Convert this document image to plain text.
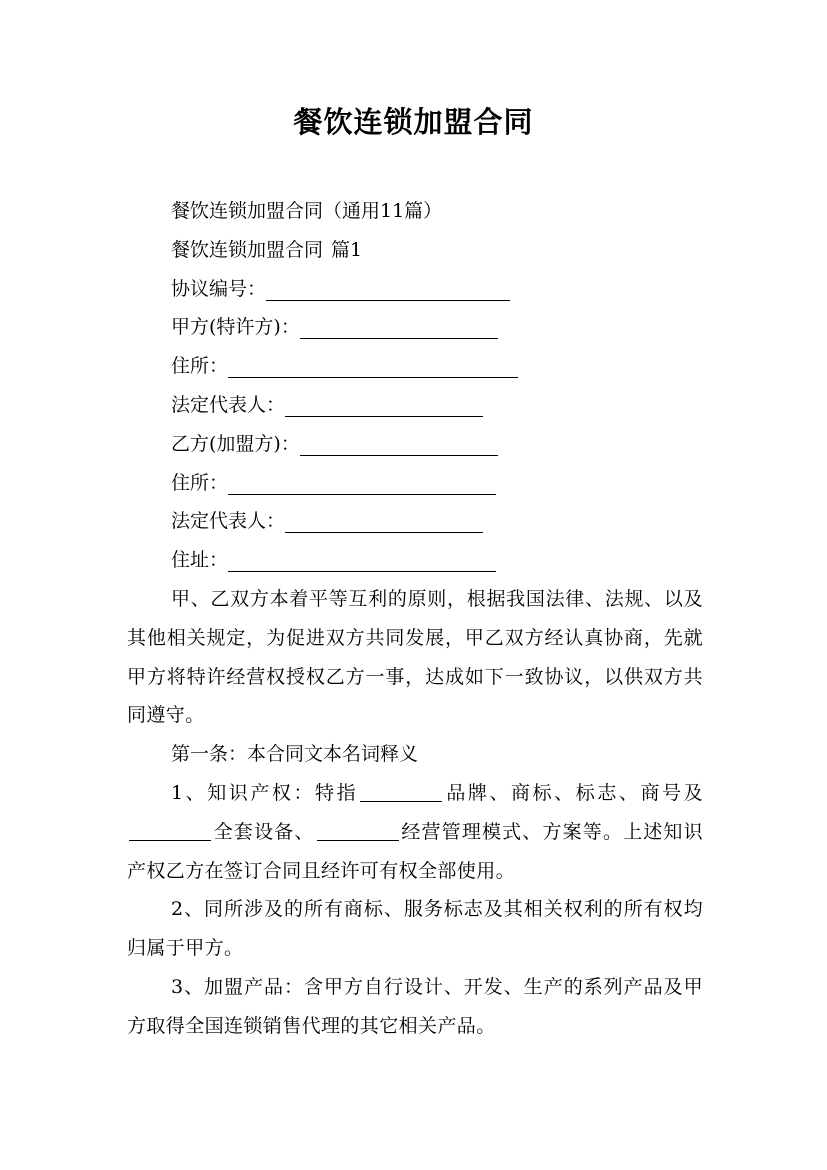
餐饮连锁加盟合同
餐饮连锁加盟合同（通用11篇）
餐饮连锁加盟合同 篇1
协议编号：
甲方(特许方)：
住所：
法定代表人：
乙方(加盟方)：
住所：
法定代表人：
住址：
甲、乙双方本着平等互利的原则，根据我国法律、法规、以及其他相关规定，为促进双方共同发展，甲乙双方经认真协商，先就甲方将特许经营权授权乙方一事，达成如下一致协议，以供双方共同遵守。
第一条：本合同文本名词释义
1、知识产权：特指	品牌、商标、标志、商号及全套设备、	经营管理模式、方案等。上述知识产权乙方在签订合同且经许可有权全部使用。
2、同所涉及的所有商标、服务标志及其相关权利的所有权均归属于甲方。
3、加盟产品：含甲方自行设计、开发、生产的系列产品及甲方取得全国连锁销售代理的其它相关产品。
